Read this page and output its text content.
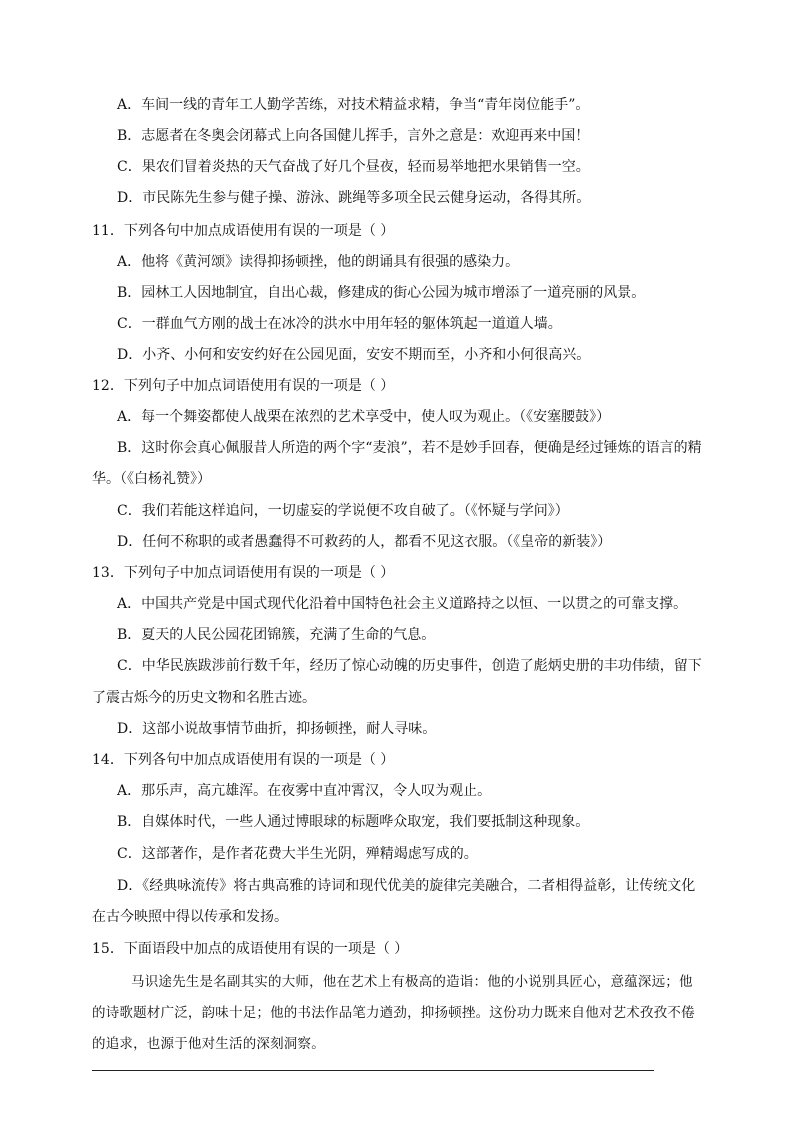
A．车间一线的青年工人勤学苦练，对技术精益求精，争当“青年岗位能手”。
B．志愿者在冬奥会闭幕式上向各国健儿挥手，言外之意是：欢迎再来中国！
C．果农们冒着炎热的天气奋战了好几个昼夜，轻而易举地把水果销售一空。
D．市民陈先生参与健子操、游泳、跳绳等多项全民云健身运动，各得其所。
11．下列各句中加点成语使用有误的一项是（ ）
A．他将《黄河颂》读得抑扬顿挫，他的朗诵具有很强的感染力。
B．园林工人因地制宜，自出心裁，修建成的街心公园为城市增添了一道亮丽的风景。
C．一群血气方刚的战士在冰冷的洪水中用年轻的躯体筑起一道道人墙。
D．小齐、小何和安安约好在公园见面，安安不期而至，小齐和小何很高兴。
12．下列句子中加点词语使用有误的一项是（ ）
A．每一个舞姿都使人战栗在浓烈的艺术享受中，使人叹为观止。（《安塞腰鼓》）
B．这时你会真心佩服昔人所造的两个字“麦浪”，若不是妙手回春，便确是经过锤炼的语言的精
华。（《白杨礼赞》）
C．我们若能这样追问，一切虚妄的学说便不攻自破了。（《怀疑与学问》）
D．任何不称职的或者愚蠢得不可救药的人，都看不见这衣服。（《皇帝的新装》）
13．下列句子中加点词语使用有误的一项是（ ）
A．中国共产党是中国式现代化沿着中国特色社会主义道路持之以恒、一以贯之的可靠支撑。
B．夏天的人民公园花团锦簇，充满了生命的气息。
C．中华民族跋涉前行数千年，经历了惊心动魄的历史事件，创造了彪炳史册的丰功伟绩，留下
了震古烁今的历史文物和名胜古迹。
D．这部小说故事情节曲折，抑扬顿挫，耐人寻味。
14．下列各句中加点成语使用有误的一项是（ ）
A．那乐声，高亢雄浑。在夜雾中直冲霄汉，令人叹为观止。
B．自媒体时代，一些人通过博眼球的标题哗众取宠，我们要抵制这种现象。
C．这部著作，是作者花费大半生光阴，殚精竭虑写成的。
D．《经典咏流传》将古典高雅的诗词和现代优美的旋律完美融合，二者相得益彰，让传统文化
在古今映照中得以传承和发扬。
15．下面语段中加点的成语使用有误的一项是（ ）
马识途先生是名副其实的大师，他在艺术上有极高的造诣：他的小说别具匠心，意蕴深远；他
的诗歌题材广泛，韵味十足；他的书法作品笔力遒劲，抑扬顿挫。这份功力既来自他对艺术孜孜不倦
的追求，也源于他对生活的深刻洞察。
